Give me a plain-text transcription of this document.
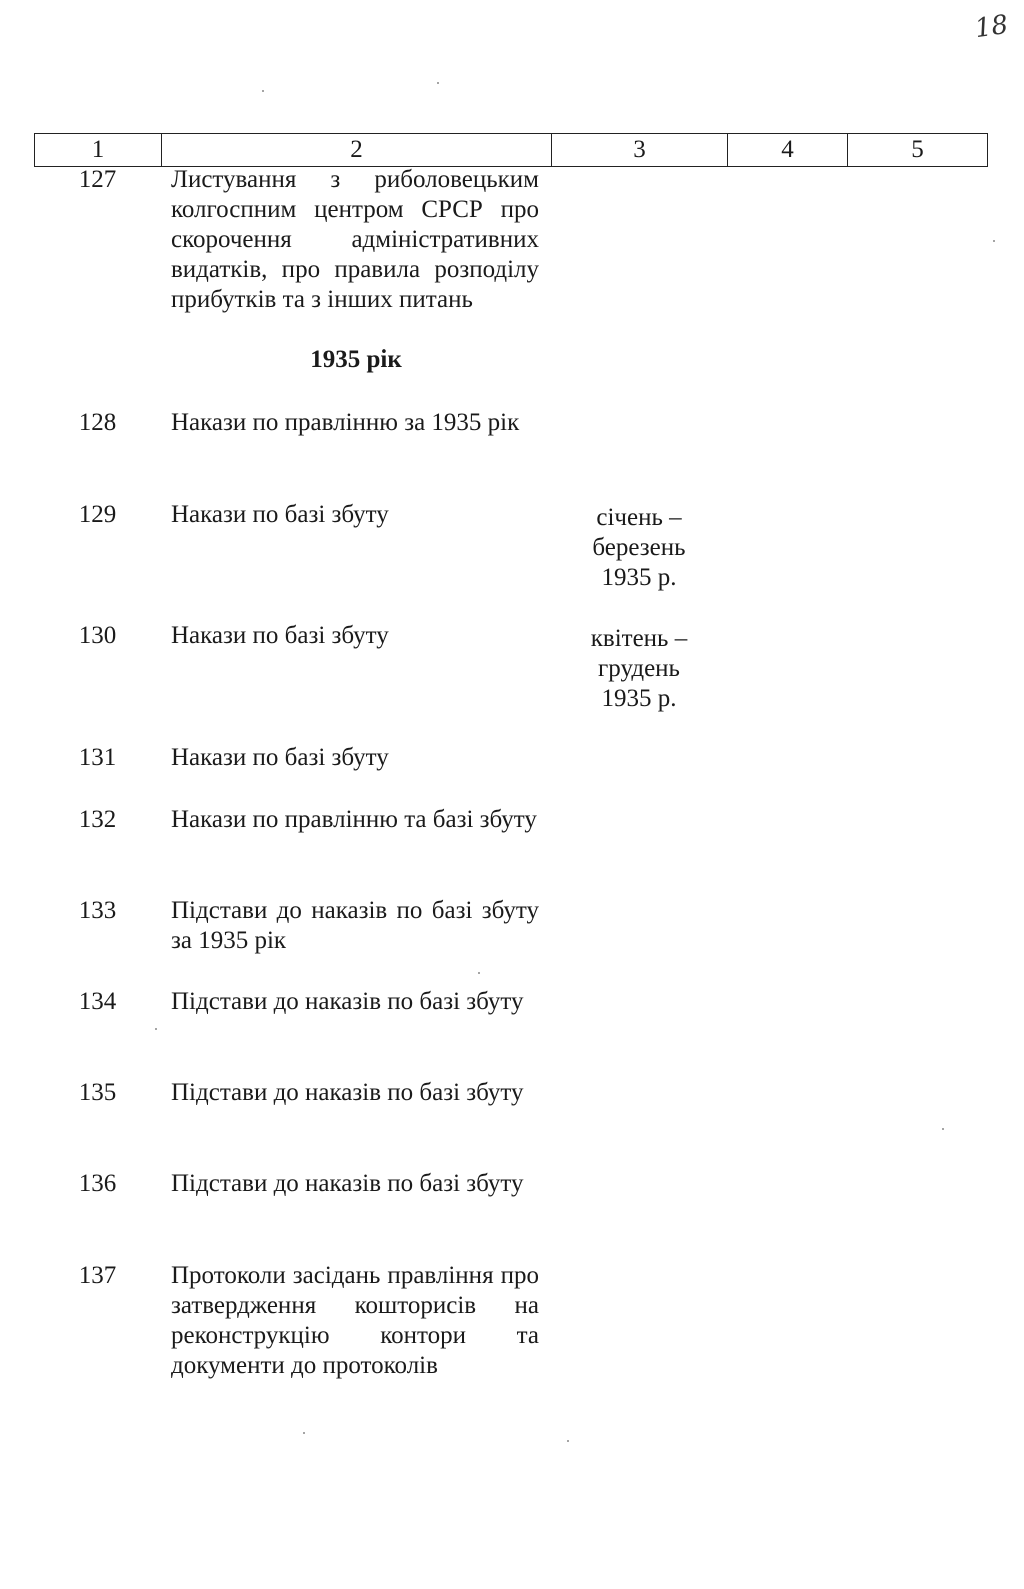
18
1	2	3	4	5
127	Листування з риболовецьким колгоспним центром СРСР про скорочення адміністративних видатків, про правила розподілу прибутків та з інших питань
1935 рік
128	Накази по правлінню за 1935 рік
129	Накази по базі збуту	січень –
березень
1935 р.
130	Накази по базі збуту	квітень –
грудень
1935 р.
131	Накази по базі збуту
132	Накази по правлінню та базі збуту
133	Підстави до наказів по базі збуту за 1935 рік
134	Підстави до наказів по базі збуту
135	Підстави до наказів по базі збуту
136	Підстави до наказів по базі збуту
137	Протоколи засідань правління про затвердження кошторисів на реконструкцію контори та документи до протоколів
